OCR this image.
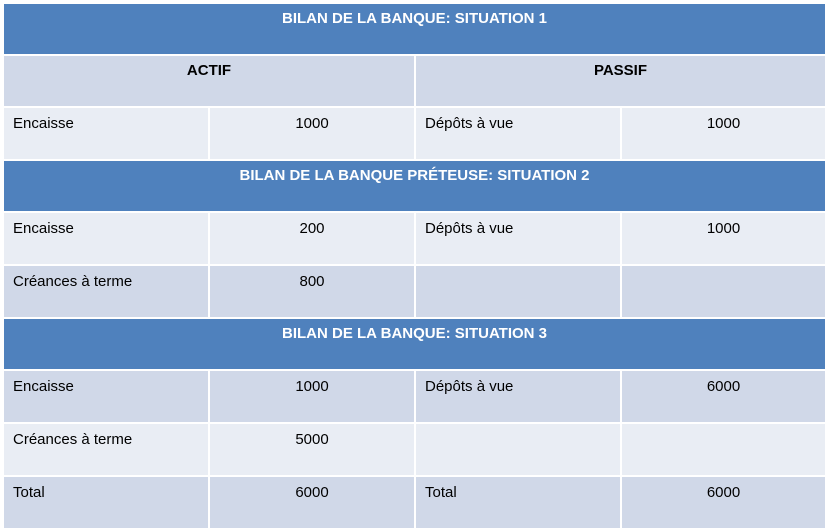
BILAN DE LA BANQUE: SITUATION 1			
ACTIF		PASSIF	
Encaisse	1000	Dépôts à vue	1000
BILAN DE LA BANQUE PRÉTEUSE: SITUATION 2			
Encaisse	200	Dépôts à vue	1000
Créances à terme	800		
BILAN DE LA BANQUE: SITUATION 3			
Encaisse	1000	Dépôts à vue	6000
Créances à terme	5000		
Total	6000	Total	6000
